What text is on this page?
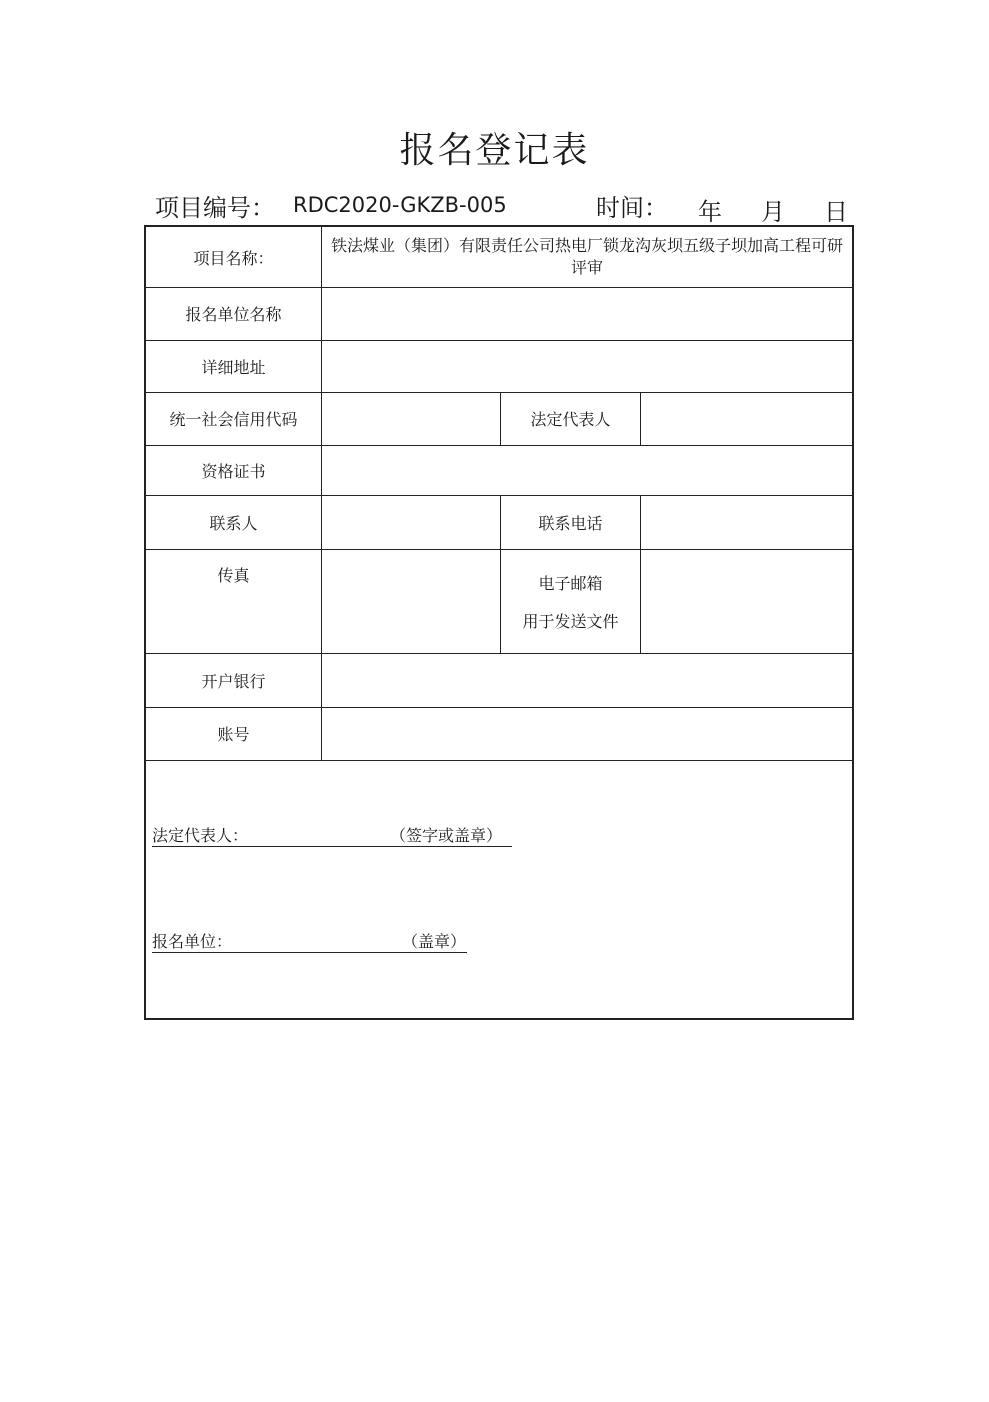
报名登记表
项目编号： RDC2020-GKZB-005	时间： 年 月 日
项目名称：
铁法煤业（集团）有限责任公司热电厂锁龙沟灰坝五级子坝加高工程可研评审
报名单位名称
详细地址
统一社会信用代码	法定代表人
资格证书
联系人	联系电话
传真	电子邮箱
用于发送文件
开户银行
账号
法定代表人：	（签字或盖章）
报名单位：	（盖章）
